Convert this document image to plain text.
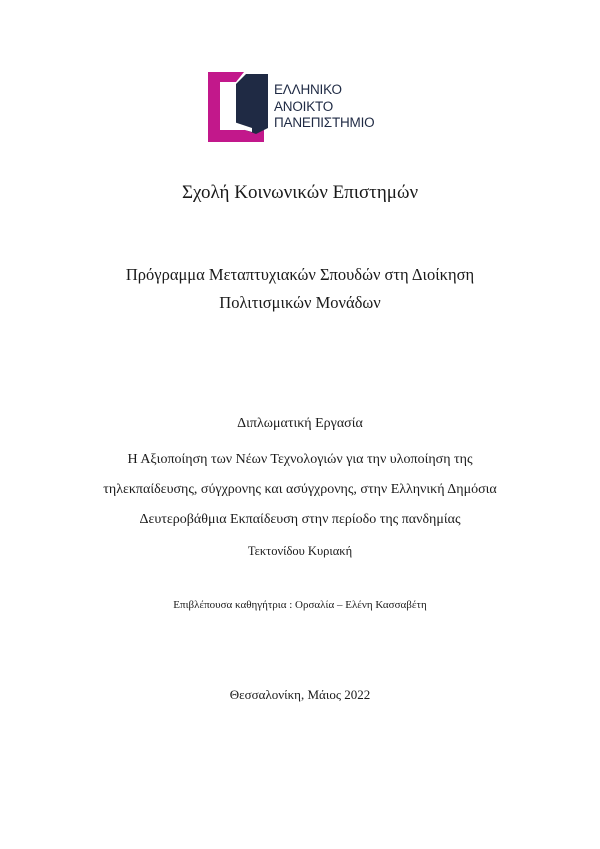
ΕΛΛΗΝΙΚΟ
ΑΝΟΙΚΤΟ
ΠΑΝΕΠΙΣΤΗΜΙΟ
Σχολή Κοινωνικών Επιστημών
Πρόγραμμα Μεταπτυχιακών Σπουδών στη Διοίκηση
Πολιτισμικών Μονάδων
Διπλωματική Εργασία
Η Αξιοποίηση των Νέων Τεχνολογιών για την υλοποίηση της
τηλεκπαίδευσης, σύγχρονης και ασύγχρονης, στην Ελληνική Δημόσια
Δευτεροβάθμια Εκπαίδευση στην περίοδο της πανδημίας
Τεκτονίδου Κυριακή
Επιβλέπουσα καθηγήτρια : Ορσαλία – Ελένη Κασσαβέτη
Θεσσαλονίκη, Μάιος 2022
